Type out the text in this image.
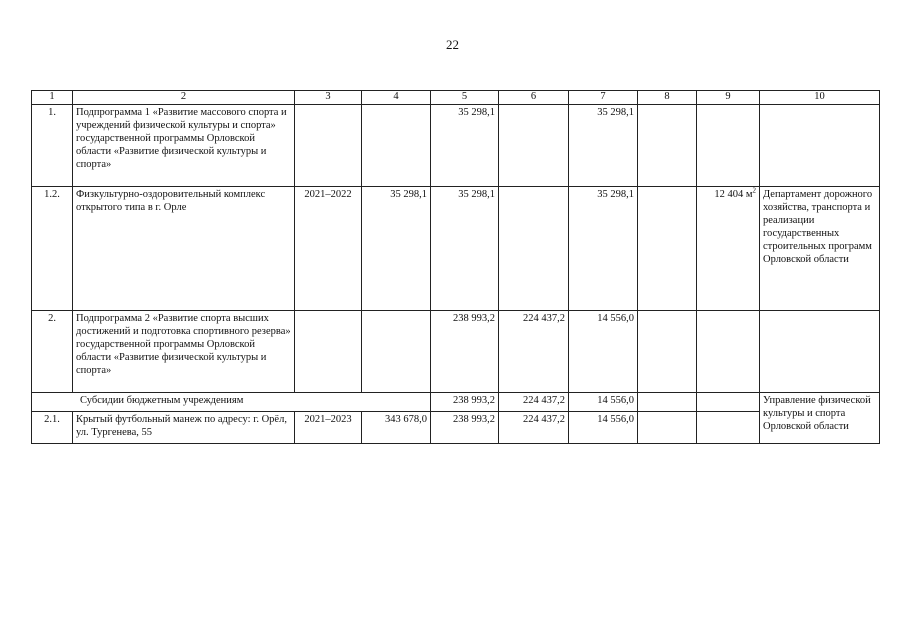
22
1	2	3	4	5	6	7	8	9	10
1.	Подпрограмма 1 «Развитие массового спорта и учреждений физической культуры и спорта» государственной программы Орловской области «Развитие физической культуры и спорта»			35 298,1		35 298,1			
1.2.	Физкультурно-оздоровительный комплекс открытого типа в г. Орле	2021–2022	35 298,1	35 298,1		35 298,1		12 404 $м^2$	Департамент дорожного хозяйства, транспорта и реализации государственных строительных программ Орловской области
2.	Подпрограмма 2 «Развитие спорта высших достижений и подготовка спортивного резерва» государственной программы Орловской области «Развитие физической культуры и спорта»			238 993,2	224 437,2	14 556,0			
Субсидии бюджетным учреждениям				238 993,2	224 437,2	14 556,0			Управление физической культуры и спорта Орловской области
2.1.	Крытый футбольный манеж по адресу: г. Орёл, ул. Тургенева, 55	2021–2023	343 678,0	238 993,2	224 437,2	14 556,0			
